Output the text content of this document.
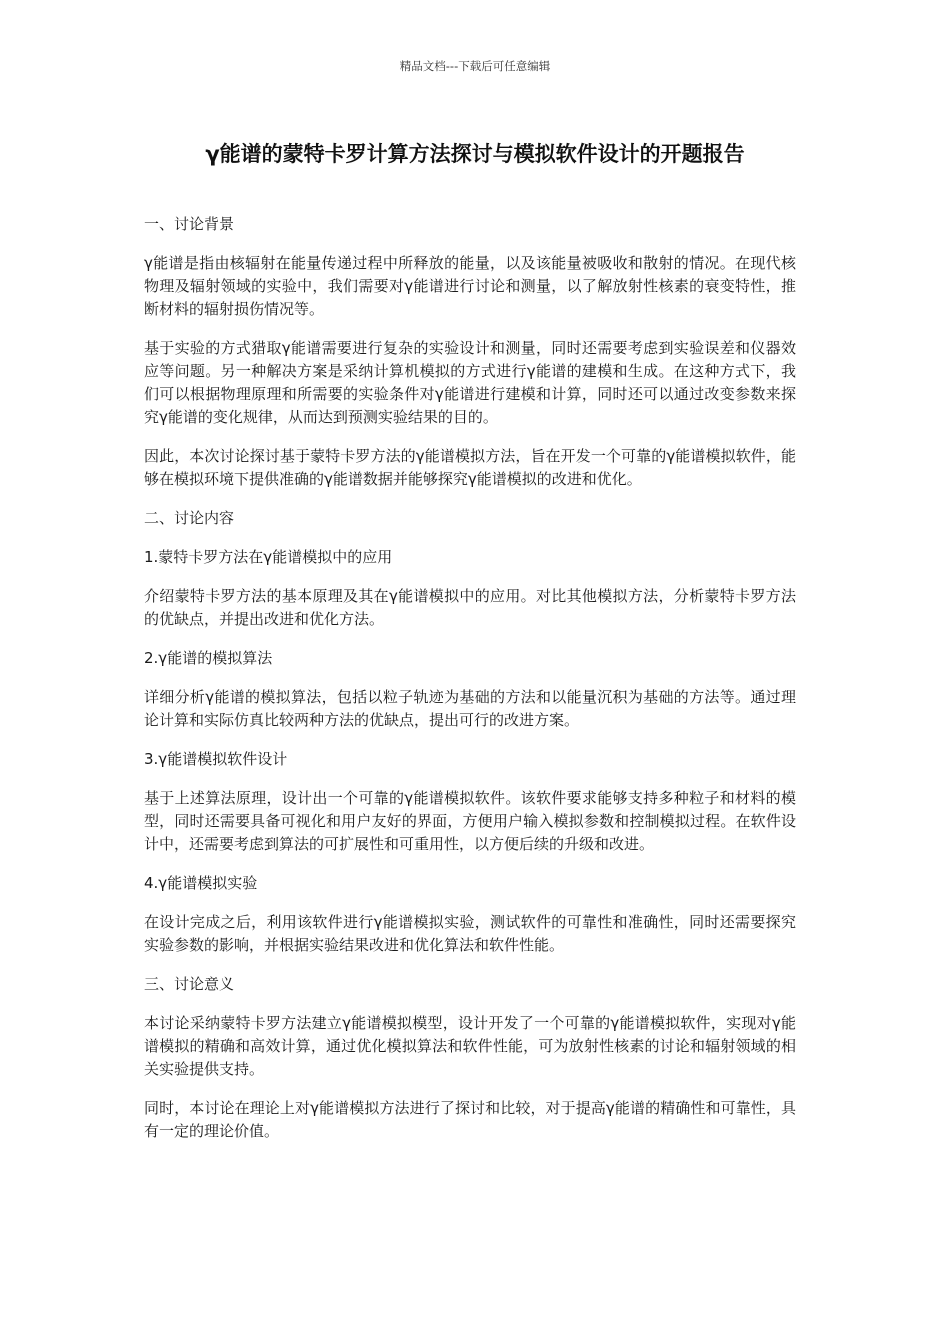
精品文档---下载后可任意编辑
γ能谱的蒙特卡罗计算方法探讨与模拟软件设计的开题报告

一、讨论背景

γ能谱是指由核辐射在能量传递过程中所释放的能量，以及该能量被吸收和散射的情况。在现代核物理及辐射领域的实验中，我们需要对γ能谱进行讨论和测量，以了解放射性核素的衰变特性，推断材料的辐射损伤情况等。

基于实验的方式猎取γ能谱需要进行复杂的实验设计和测量，同时还需要考虑到实验误差和仪器效应等问题。另一种解决方案是采纳计算机模拟的方式进行γ能谱的建模和生成。在这种方式下，我们可以根据物理原理和所需要的实验条件对γ能谱进行建模和计算，同时还可以通过改变参数来探究γ能谱的变化规律，从而达到预测实验结果的目的。

因此，本次讨论探讨基于蒙特卡罗方法的γ能谱模拟方法，旨在开发一个可靠的γ能谱模拟软件，能够在模拟环境下提供准确的γ能谱数据并能够探究γ能谱模拟的改进和优化。

二、讨论内容

1.蒙特卡罗方法在γ能谱模拟中的应用

介绍蒙特卡罗方法的基本原理及其在γ能谱模拟中的应用。对比其他模拟方法，分析蒙特卡罗方法的优缺点，并提出改进和优化方法。

2.γ能谱的模拟算法

详细分析γ能谱的模拟算法，包括以粒子轨迹为基础的方法和以能量沉积为基础的方法等。通过理论计算和实际仿真比较两种方法的优缺点，提出可行的改进方案。

3.γ能谱模拟软件设计

基于上述算法原理，设计出一个可靠的γ能谱模拟软件。该软件要求能够支持多种粒子和材料的模型，同时还需要具备可视化和用户友好的界面，方便用户输入模拟参数和控制模拟过程。在软件设计中，还需要考虑到算法的可扩展性和可重用性，以方便后续的升级和改进。

4.γ能谱模拟实验

在设计完成之后，利用该软件进行γ能谱模拟实验，测试软件的可靠性和准确性，同时还需要探究实验参数的影响，并根据实验结果改进和优化算法和软件性能。

三、讨论意义

本讨论采纳蒙特卡罗方法建立γ能谱模拟模型，设计开发了一个可靠的γ能谱模拟软件，实现对γ能谱模拟的精确和高效计算，通过优化模拟算法和软件性能，可为放射性核素的讨论和辐射领域的相关实验提供支持。

同时，本讨论在理论上对γ能谱模拟方法进行了探讨和比较，对于提高γ能谱的精确性和可靠性，具有一定的理论价值。
